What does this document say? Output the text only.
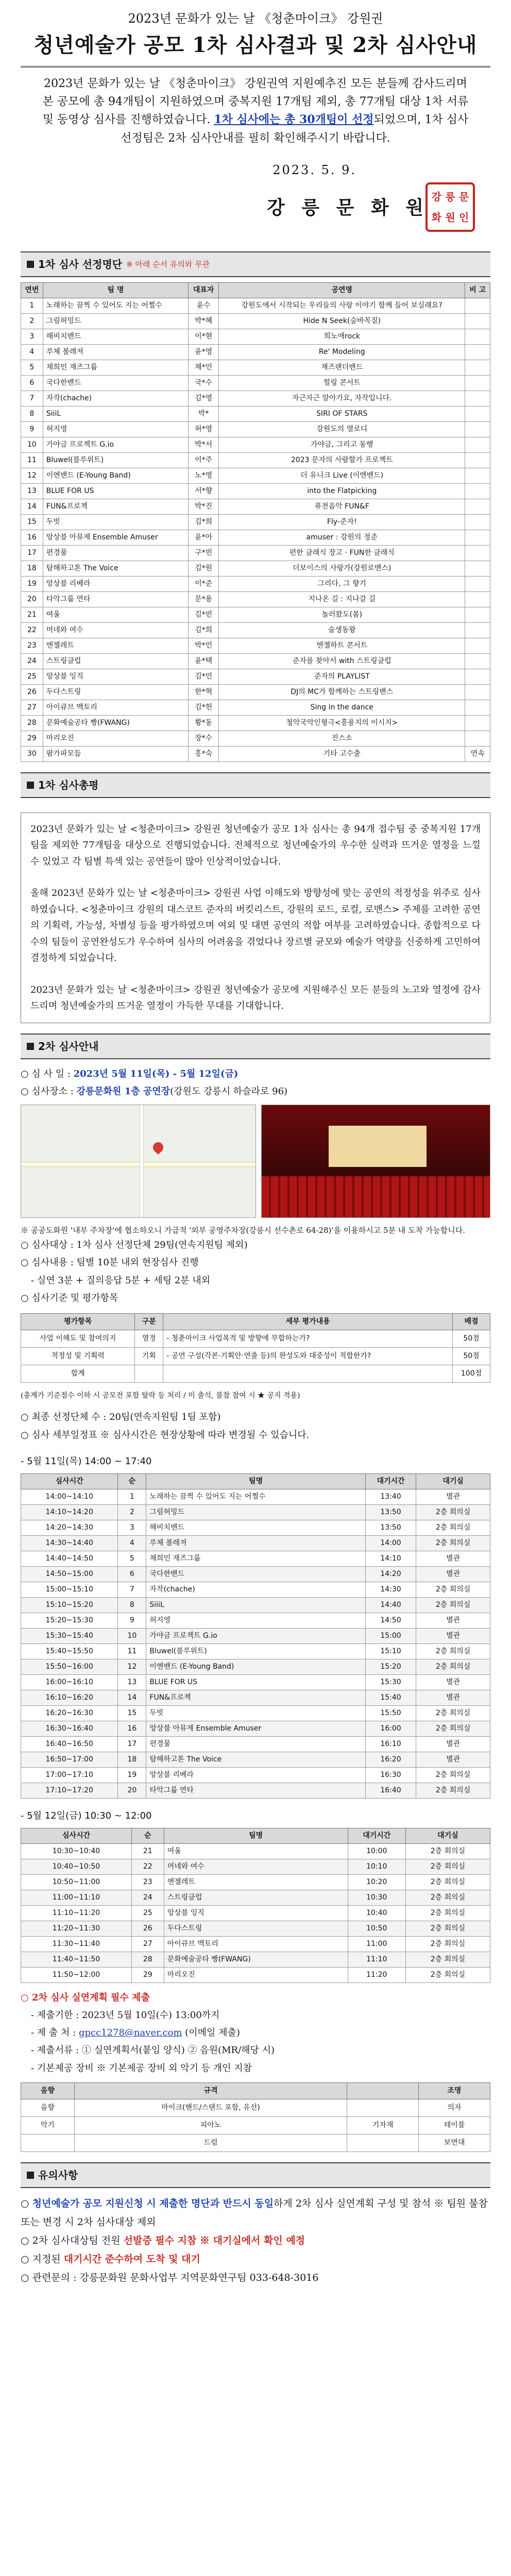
2023년 문화가 있는 날 《청춘마이크》 강원권
청년예술가 공모 1차 심사결과 및 2차 심사안내
2023년 문화가 있는 날 《청춘마이크》 강원권역 지원예추진 모든 분들께 감사드리며 본 공모에 총 94개팀이 지원하였으며 중복지원 17개팀 제외, 총 77개팀 대상 1차 서류 및 동영상 심사를 진행하였습니다. 1차 심사에는 총 30개팀이 선정되었으며, 1차 심사 선정팀은 2차 심사안내를 필히 확인해주시기 바랍니다.
2023. 5. 9.
강 릉 문 화 원 강 릉 문
화 원 인
1차 심사 선정명단 ※ 아래 순서 유의와 무관
연번	팀 명	대표자	공연명	비 고
1	노래하는 끔찍 수 있어도 지는 어쩔수	윤수	강원도에서 시작되는 우리들의 사랑 이야기 함께 들어 보실래요?	
2	그림허밍드	박*혜	Hide N Seek(숨바꼭질)	
3	해비치밴드	이*현	희노애rock	
4	루체 볼레져	윤*영	Re' Modeling	
5	채희민 재즈그룹	채*민	재즈랜더밴드	
6	국다한밴드	국*수	힐링 콘서트	
7	자작(chache)	김*영	자근자근 알아가요, 자작입니다.	
8	SiiiL	박*	SIRI OF STARS	
9	허지영	허*영	강원도의 열로디	
10	가야금 프로젝트 G.io	박*서	가야금, 그리고 동행	
11	Bluwel(블루위트)	이*주	2023 문자의 사람할가 프로젝트	
12	이엔밴드 (E-Young Band)	노*영	더 유니크 Live (이엔밴드)	
13	BLUE FOR US	서*향	into the Flatpicking	
14	FUN&프로젝	박*진	퓨전음악 FUN&F	
15	두빗	김*희	Fly-준자!	
16	앙상블 아뮤제 Ensemble Amuser	윤*아	amuser : 강원의 정준	
17	편경물	구*빈	편한 클래식 장고 · FUN한 클래식	
18	탐해하고톤 The Voice	김*원	더보이스의 사랑가(강원로맨스)	
19	앙상블 리베라	이*준	그리다, 그 향기	
20	타악그룹 연타	문*용	지나온 길 : 지나갈 길	
21	여울	김*빈	놀러왔도(봄)	
22	머네와 여수	김*희	술생동왕	
23	엔젤레트	박*민	엔젤하트 콘서트	
24	스트링클럽	윤*택	준자를 찾아서 with 스트링클럽	
25	앙상블 잉직	김*민	준자의 PLAYLIST	
26	두다스트링	한*혁	DJ의 MC가 함께하는 스트링밴스	
27	아이큐브 맥토리	김*헌	Sing in the dance	
28	문화예술공타 빵(FWANG)	황*동	청악국악인형극<흥용지의 이시지>	
29	마리오진	장*수	진스소	
30	팜가파모듬	홍*숙	기타 고수출	연속
1차 심사총평

2023년 문화가 있는 날 <청춘마이크> 강원권 청년예술가 공모 1차 심사는 총 94개 접수팀 중 중복지원 17개팀을 제외한 77개팀을 대상으로 진행되었습니다. 전체적으로 청년예술가의 우수한 실력과 뜨거운 열정을 느낄 수 있었고 각 팀별 특색 있는 공연들이 많아 인상적이었습니다.

올해 2023년 문화가 있는 날 <청춘마이크> 강원권 사업 이해도와 방향성에 맞는 공연의 적정성을 위주로 심사하였습니다. <청춘마이크 강원의 대스코트 준자의 버킷리스트, 강원의 로드, 로컬, 로맨스> 주제를 고려한 공연의 기획력, 가능성, 차별성 등을 평가하였으며 여외 및 대면 공연의 적합 여부를 고려하였습니다. 종합적으로 다수의 팀들이 공연완성도가 우수하여 심사의 어려움을 겪었다나 장르별 균모와 예술가 역량을 신중하게 고민하여 결정하게 되었습니다.

2023년 문화가 있는 날 <청춘마이크> 강원권 청년예술가 공모에 지원해주신 모든 분들의 노고와 열정에 감사드리며 청년예술가의 뜨거운 열정이 가득한 무대를 기대합니다.

2차 심사안내
○ 심 사 일 : 2023년 5월 11일(목) - 5월 12일(금)
○ 심사장소 : 강릉문화원 1층 공연장(강원도 강릉시 하슬라로 96)
※ 공공도화원 '내부 주차장'에 협소하오니 가급적 '외부 공영주차장(강릉시 선수촌로 64-28)'을 이용하시고 5분 내 도착 가능합니다.
○ 심사대상 : 1차 심사 선정단체 29팀(연속지원팀 제외)
○ 심사내용 : 팀별 10분 내외 현장심사 진행
- 실연 3분 + 질의응답 5분 + 세팅 2분 내외
○ 심사기준 및 평가항목
평가항목	구분	세부 평가내용	배점
사업 이해도 및 참여의지	열정	- 청춘마이크 사업목적 및 방향에 부합하는가?	50점
적정성 및 기획력	기획	- 공연 구성(각본·기획안·연출 등)의 완성도와 대중성이 적합한가?	50점
합계			100점
(총계가 기준점수 이하 시 공모전 포함 탈락 등 처리 / 미 출석, 불참 참여 시 ★ 공지 적용)
○ 최종 선정단체 수 : 20팀(연속지원팀 1팀 포함)
○ 심사 세부일정표 ※ 심사시간은 현장상황에 따라 변경될 수 있습니다.
- 5월 11일(목) 14:00 ~ 17:40
심사시간	순	팀명	대기시간	대기실
14:00~14:10	1	노래하는 끔찍 수 있어도 지는 어쩔수	13:40	별관
14:10~14:20	2	그림허밍드	13:50	2층 회의실
14:20~14:30	3	해비치밴드	13:50	2층 회의실
14:30~14:40	4	루체 볼레져	14:00	2층 회의실
14:40~14:50	5	채희민 재즈그룹	14:10	별관
14:50~15:00	6	국다한밴드	14:20	별관
15:00~15:10	7	자작(chache)	14:30	2층 회의실
15:10~15:20	8	SiiiL	14:40	2층 회의실
15:20~15:30	9	허지영	14:50	별관
15:30~15:40	10	가야금 프로젝트 G.io	15:00	별관
15:40~15:50	11	Bluwel(블루위트)	15:10	2층 회의실
15:50~16:00	12	이엔밴드 (E-Young Band)	15:20	2층 회의실
16:00~16:10	13	BLUE FOR US	15:30	별관
16:10~16:20	14	FUN&프로젝	15:40	별관
16:20~16:30	15	두빗	15:50	2층 회의실
16:30~16:40	16	앙상블 아뮤제 Ensemble Amuser	16:00	2층 회의실
16:40~16:50	17	편경물	16:10	별관
16:50~17:00	18	탐해하고톤 The Voice	16:20	별관
17:00~17:10	19	앙상블 리베라	16:30	2층 회의실
17:10~17:20	20	타악그룹 연타	16:40	2층 회의실
- 5월 12일(금) 10:30 ~ 12:00
심사시간	순	팀명	대기시간	대기실
10:30~10:40	21	여울	10:00	2층 회의실
10:40~10:50	22	머네와 여수	10:10	2층 회의실
10:50~11:00	23	엔젤레트	10:20	2층 회의실
11:00~11:10	24	스트링클럽	10:30	2층 회의실
11:10~11:20	25	앙상블 잉직	10:40	2층 회의실
11:20~11:30	26	두다스트링	10:50	2층 회의실
11:30~11:40	27	아이큐브 맥토리	11:00	2층 회의실
11:40~11:50	28	문화예술공타 빵(FWANG)	11:10	2층 회의실
11:50~12:00	29	마리오진	11:20	2층 회의실
○ 2차 심사 실연계획 필수 제출
- 제출기한 : 2023년 5월 10일(수) 13:00까지
- 제 출 처 : gpcc1278@naver.com (이메일 제출)
- 제출서류 : ① 실연계획서(붙임 양식) ② 음원(MR/해당 시)
- 기본제공 장비 ※ 기본제공 장비 외 악기 등 개인 지참
음향	규격		조명
음향	마이크(핸드/스탠드 포함, 유선)		의자
악기	피아노	기자재	테이블
	드럼		보면대
유의사항
○ 청년예술가 공모 지원신청 시 제출한 명단과 반드시 동일하게 2차 심사 실연계획 구성 및 참석 ※ 팀원 불참 또는 변경 시 2차 심사대상 제외
○ 2차 심사대상팀 전원 선발증 필수 지참 ※ 대기실에서 확인 예정
○ 지정된 대기시간 준수하여 도착 및 대기
○ 관련문의 : 강릉문화원 문화사업부 지역문화연구팀 033-648-3016
